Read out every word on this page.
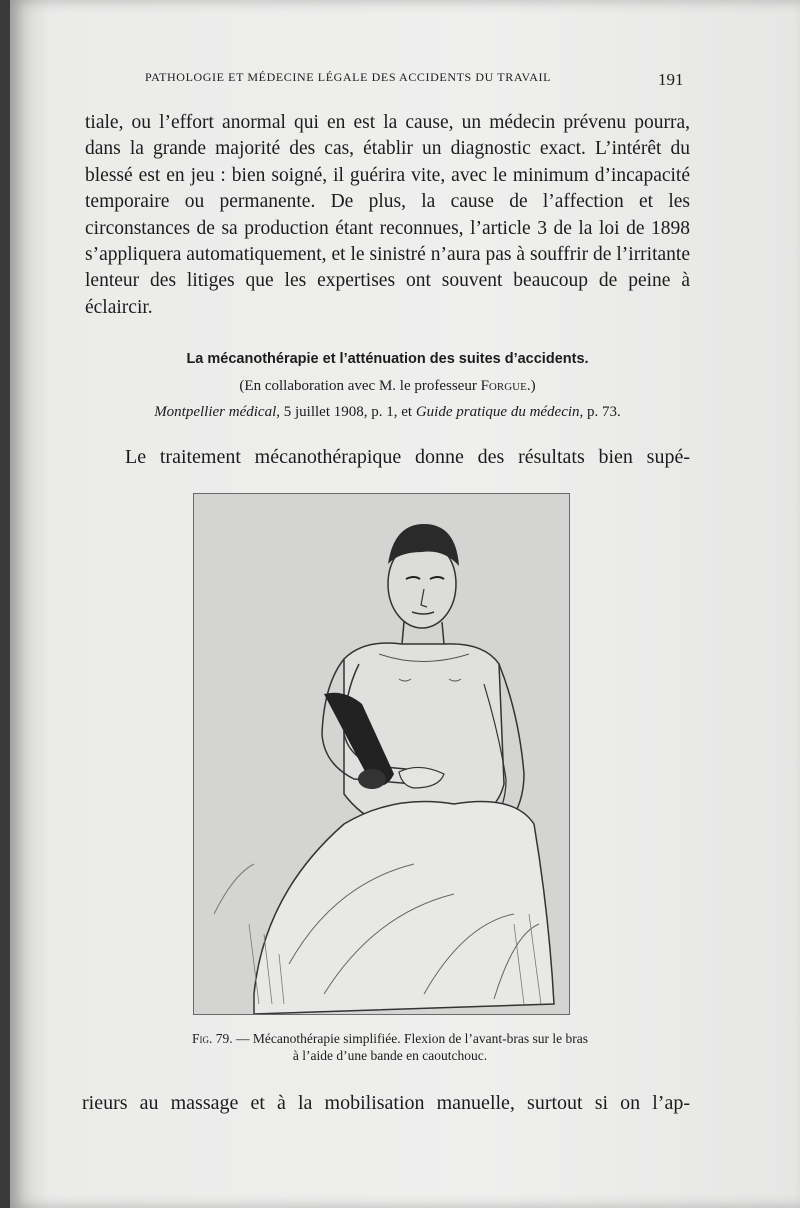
PATHOLOGIE ET MÉDECINE LÉGALE DES ACCIDENTS DU TRAVAIL	191

tiale, ou l’effort anormal qui en est la cause, un médecin prévenu pourra, dans la grande majorité des cas, établir un diagnostic exact. L’intérêt du blessé est en jeu : bien soigné, il guérira vite, avec le minimum d’incapacité temporaire ou permanente. De plus, la cause de l’affection et les circonstances de sa production étant reconnues, l’article 3 de la loi de 1898 s’appliquera automatiquement, et le sinistré n’aura pas à souffrir de l’irritante lenteur des litiges que les expertises ont souvent beaucoup de peine à éclaircir.

La mécanothérapie et l’atténuation des suites d’accidents.
(En collaboration avec M. le professeur Forgue.)
Montpellier médical, 5 juillet 1908, p. 1, et Guide pratique du médecin, p. 73.
Le traitement mécanothérapique donne des résultats bien supé-
Fig. 79. — Mécanothérapie simplifiée. Flexion de l’avant-bras sur le bras
à l’aide d’une bande en caoutchouc.
rieurs au massage et à la mobilisation manuelle, surtout si on l’ap-
